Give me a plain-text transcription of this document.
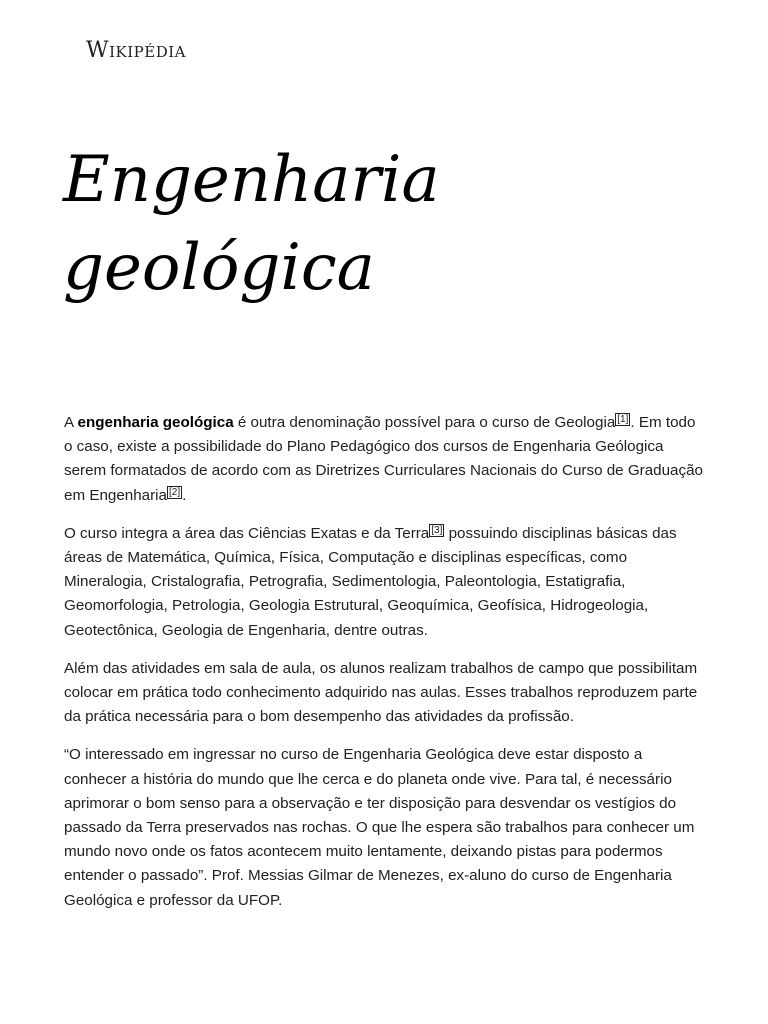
Wikipédia
Engenharia
geológica

A engenharia geológica é outra denominação possível para o curso de Geologia [1] . Em todo o caso, existe a possibilidade do Plano Pedagógico dos cursos de Engenharia Geólogica serem formatados de acordo com as Diretrizes Curriculares Nacionais do Curso de Graduação em Engenharia [2] .

O curso integra a área das Ciências Exatas e da Terra [3] possuindo disciplinas básicas das áreas de Matemática, Química, Física, Computação e disciplinas específicas, como Mineralogia, Cristalografia, Petrografia, Sedimentologia, Paleontologia, Estatigrafia, Geomorfologia, Petrologia, Geologia Estrutural, Geoquímica, Geofísica, Hidrogeologia, Geotectônica, Geologia de Engenharia, dentre outras.

Além das atividades em sala de aula, os alunos realizam trabalhos de campo que possibilitam colocar em prática todo conhecimento adquirido nas aulas. Esses trabalhos reproduzem parte da prática necessária para o bom desempenho das atividades da profissão.

“O interessado em ingressar no curso de Engenharia Geológica deve estar disposto a conhecer a história do mundo que lhe cerca e do planeta onde vive. Para tal, é necessário aprimorar o bom senso para a observação e ter disposição para desvendar os vestígios do passado da Terra preservados nas rochas. O que lhe espera são trabalhos para conhecer um mundo novo onde os fatos acontecem muito lentamente, deixando pistas para podermos entender o passado”. Prof. Messias Gilmar de Menezes, ex-aluno do curso de Engenharia Geológica e professor da UFOP.
